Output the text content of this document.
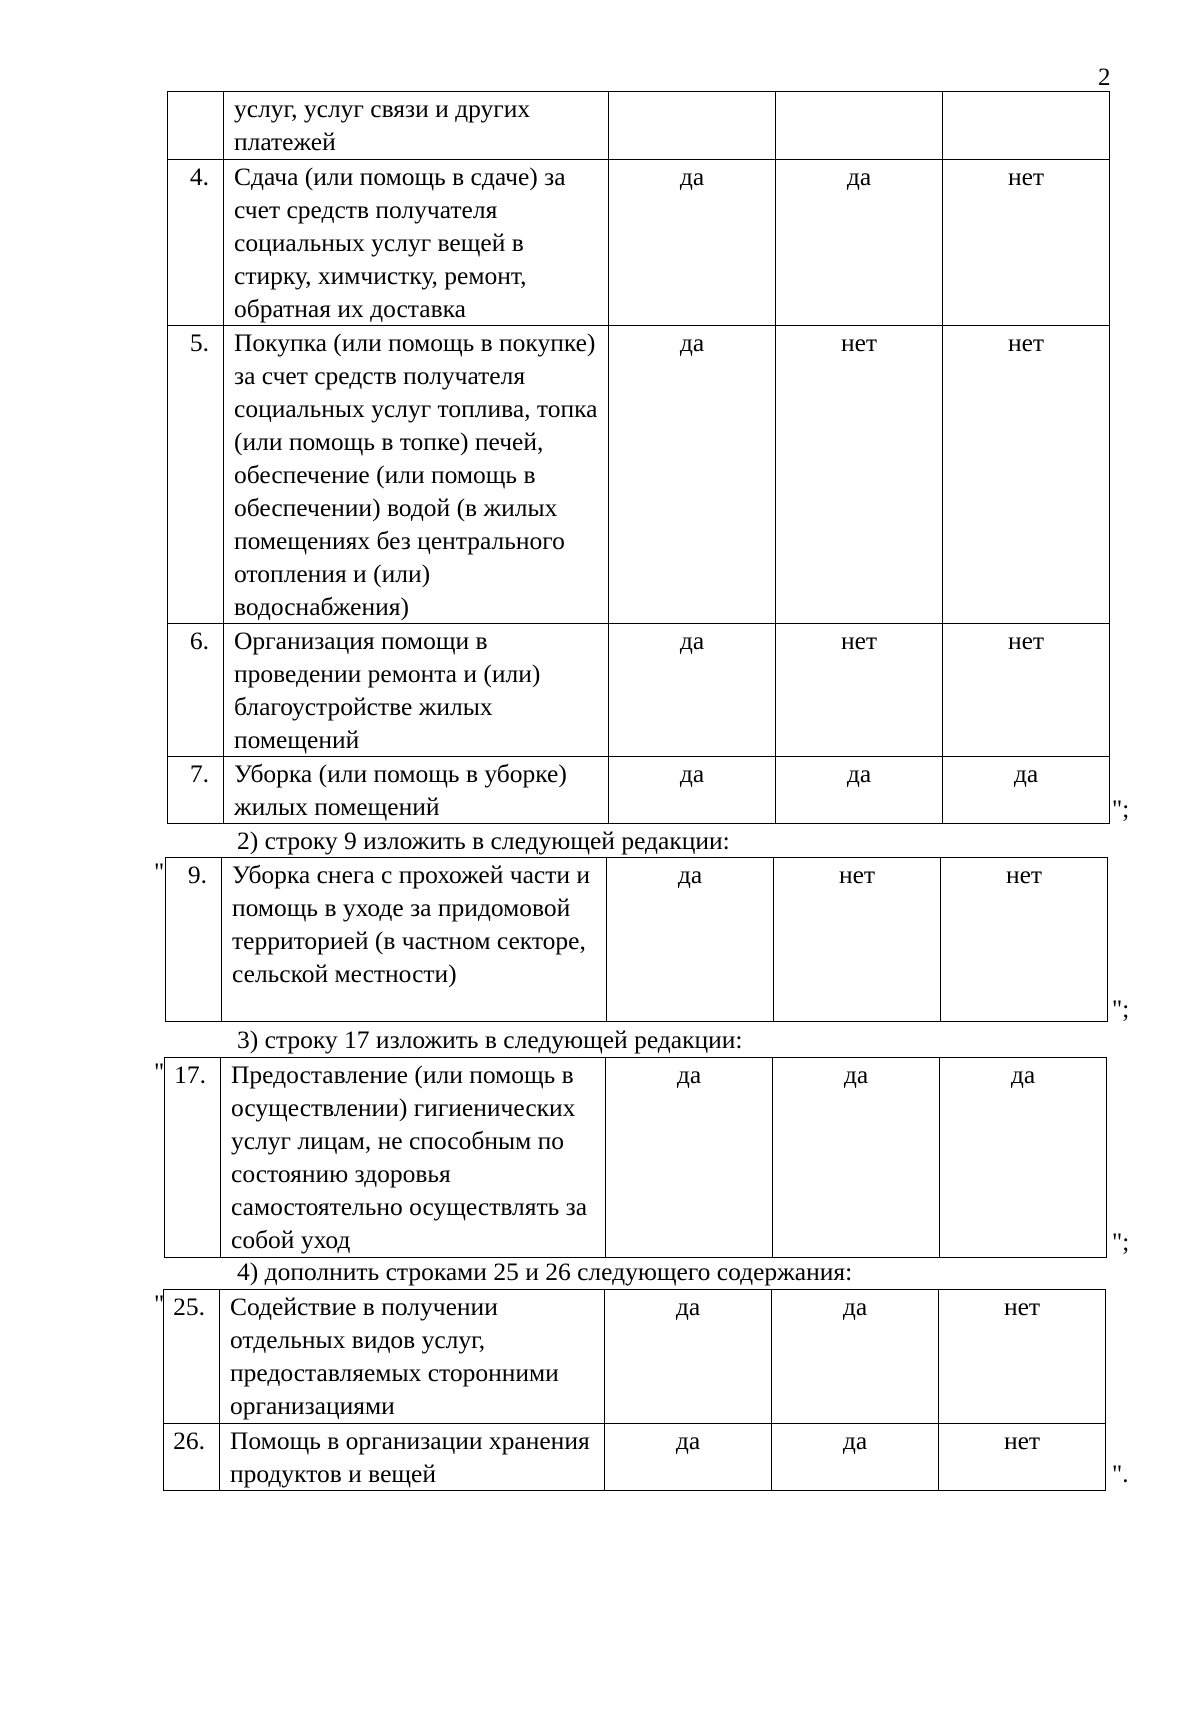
2
	услуг, услуг связи и других платежей			
4.	Сдача (или помощь в сдаче) за счет средств получателя социальных услуг вещей в стирку, химчистку, ремонт, обратная их доставка	да	да	нет
5.	Покупка (или помощь в покупке) за счет средств получателя социальных услуг топлива, топка (или помощь в топке) печей, обеспечение (или помощь в обеспечении) водой (в жилых помещениях без центрального отопления и (или) водоснабжения)	да	нет	нет
6.	Организация помощи в проведении ремонта и (или) благоустройстве жилых помещений	да	нет	нет
7.	Уборка (или помощь в уборке) жилых помещений	да	да	да
";
2) строку 9 изложить в следующей редакции:
" 9.	Уборка снега с прохожей части и помощь в уходе за придомовой территорией (в частном секторе, сельской местности)	да	нет	нет
";
3) строку 17 изложить в следующей редакции:
" 17.	Предоставление (или помощь в осуществлении) гигиенических услуг лицам, не способным по состоянию здоровья самостоятельно осуществлять за собой уход	да	да	да
";
4) дополнить строками 25 и 26 следующего содержания:
" 25.	Содействие в получении отдельных видов услуг, предоставляемых сторонними организациями	да	да	нет
26.	Помощь в организации хранения продуктов и вещей	да	да	нет
".
